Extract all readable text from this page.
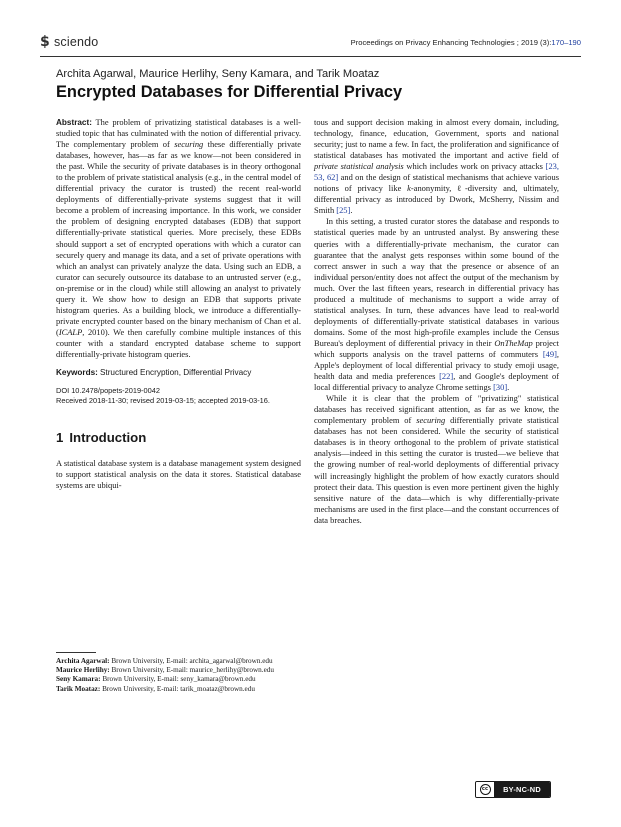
$ sciendo	Proceedings on Privacy Enhancing Technologies ; 2019 (3):170–190
Archita Agarwal, Maurice Herlihy, Seny Kamara, and Tarik Moataz
Encrypted Databases for Differential Privacy

Abstract: The problem of privatizing statistical databases is a well-studied topic that has culminated with the notion of differential privacy. The complementary problem of securing these differentially private databases, however, has—as far as we know—not been considered in the past. While the security of private databases is in theory orthogonal to the problem of private statistical analysis (e.g., in the central model of differential privacy the curator is trusted) the recent real-world deployments of differentially-private systems suggest that it will become a problem of increasing importance. In this work, we consider the problem of designing encrypted databases (EDB) that support differentially-private statistical queries. More precisely, these EDBs should support a set of encrypted operations with which a curator can securely query and manage its data, and a set of private operations with which an analyst can privately analyze the data. Using such an EDB, a curator can securely outsource its database to an untrusted server (e.g., on-premise or in the cloud) while still allowing an analyst to privately query it. We show how to design an EDB that supports private histogram queries. As a building block, we introduce a differentially-private encrypted counter based on the binary mechanism of Chan et al. (ICALP, 2010). We then carefully combine multiple instances of this counter with a standard encrypted database scheme to support differentially-private histogram queries.

Keywords: Structured Encryption, Differential Privacy

DOI 10.2478/popets-2019-0042
Received 2018-11-30; revised 2019-03-15; accepted 2019-03-16.
1 Introduction

A statistical database system is a database management system designed to support statistical analysis on the data it stores. Statistical database systems are ubiqui-

tous and support decision making in almost every domain, including, technology, finance, education, Government, sports and national security; just to name a few. In fact, the proliferation and significance of statistical databases has motivated the important and active field of private statistical analysis which includes work on privacy attacks [23, 53, 62] and on the design of statistical mechanisms that achieve various notions of privacy like k-anonymity, ℓ-diversity and, ultimately, differential privacy as introduced by Dwork, McSherry, Nissim and Smith [25].

In this setting, a trusted curator stores the database and responds to statistical queries made by an untrusted analyst. By answering these queries with a differentially-private mechanism, the curator can guarantee that the analyst gets responses within some bound of the correct answer in such a way that the presence or absence of an individual person/entity does not affect the output of the mechanism by much. Over the last fifteen years, research in differential privacy has produced a multitude of mechanisms to support a wide array of statistical analyses. In turn, these advances have lead to real-world deployments of differentially-private statistical databases in various domains. Some of the most high-profile examples include the Census Bureau's deployment of differential privacy in their OnTheMap project which supports analysis on the travel patterns of commuters [49], Apple's deployment of local differential privacy to study emoji usage, health data and media preferences [22], and Google's deployment of local differential privacy to analyze Chrome settings [30].

While it is clear that the problem of "privatizing" statistical databases has received significant attention, as far as we know, the complementary problem of securing differentially private statistical databases has not been considered. While the security of statistical databases is in theory orthogonal to the problem of private statistical analysis—indeed in this setting the curator is trusted—we believe that the growing number of real-world deployments of differential privacy will increasingly highlight the problem of how exactly curators should protect their data. This question is even more pertinent given the highly sensitive nature of the data—which is why differentially-private mechanisms are used in the first place—and the constant occurrences of data breaches.

Archita Agarwal: Brown University, E-mail: archita_agarwal@brown.edu
Maurice Herlihy: Brown University, E-mail: maurice_herlihy@brown.edu
Seny Kamara: Brown University, E-mail: seny_kamara@brown.edu
Tarik Moataz: Brown University, E-mail: tarik_moataz@brown.edu
cc	BY-NC-ND
